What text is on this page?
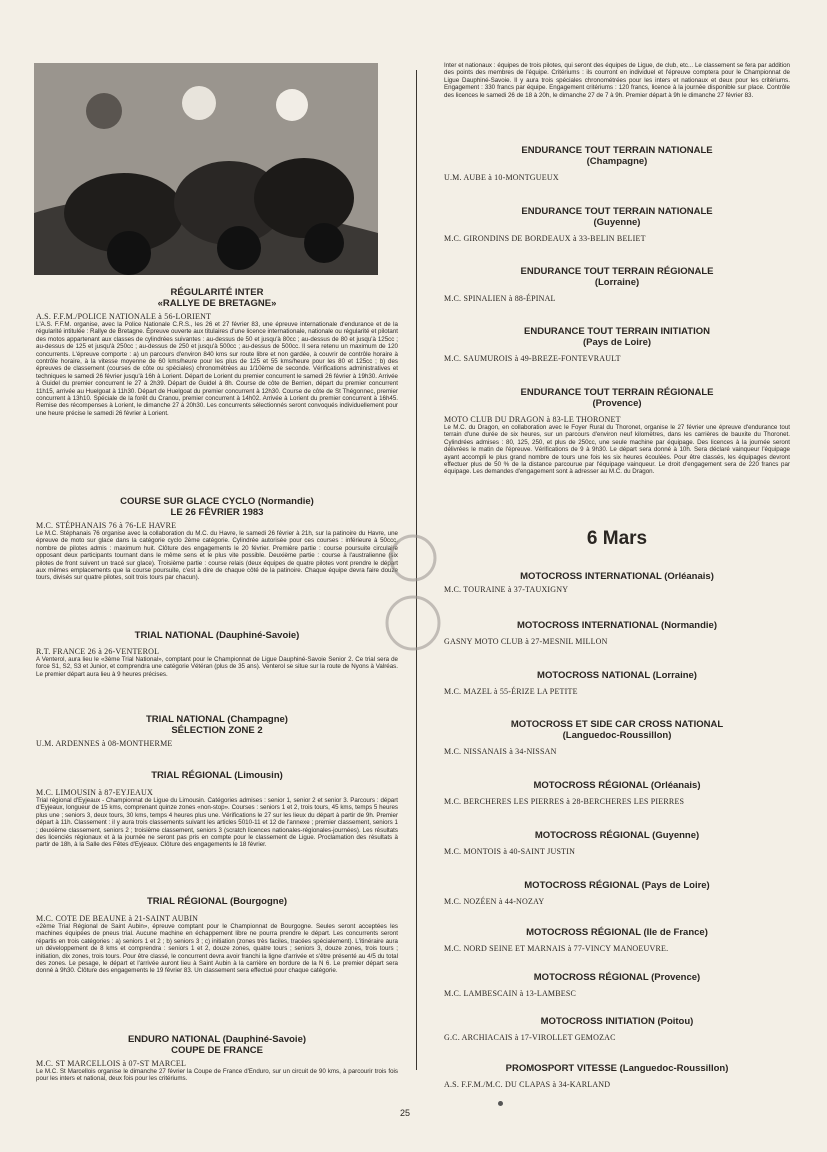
RÉGULARITÉ INTER

«RALLYE DE BRETAGNE»

A.S. F.F.M./POLICE NATIONALE à 56-LORIENT

L'A.S. F.F.M. organise, avec la Police Nationale C.R.S., les 26 et 27 février 83, une épreuve internationale d'endurance et de la régularité intitulée : Rallye de Bretagne. Épreuve ouverte aux titulaires d'une licence internationale, nationale ou régularité et pilotant des motos appartenant aux classes de cylindrées suivantes : au-dessus de 50 et jusqu'à 80cc ; au-dessus de 80 et jusqu'à 125cc ; au-dessus de 125 et jusqu'à 250cc ; au-dessus de 250 et jusqu'à 500cc ; au-dessus de 500cc. Il sera retenu un maximum de 120 concurrents. L'épreuve comporte : a) un parcours d'environ 840 kms sur route libre et non gardée, à couvrir de contrôle horaire à contrôle horaire, à la vitesse moyenne de 60 kms/heure pour les plus de 125 et 55 kms/heure pour les 80 et 125cc ; b) des épreuves de classement (courses de côte ou spéciales) chronométrées au 1/10ème de seconde. Vérifications administratives et techniques le samedi 26 février jusqu'à 16h à Lorient. Départ de Lorient du premier concurrent le samedi 26 février à 19h30. Arrivée à Guidel du premier concurrent le 27 à 2h39. Départ de Guidel à 8h. Course de côte de Berrien, départ du premier concurrent 11h15, arrivée au Huelgoat à 11h30. Départ de Huelgoat du premier concurrent à 12h30. Course de côte de St Thégonnec, premier concurrent à 13h10. Spéciale de la forêt du Cranou, premier concurrent à 14h02. Arrivée à Lorient du premier concurrent à 16h45. Remise des récompenses à Lorient, le dimanche 27 à 20h30. Les concurrents sélectionnés seront convoqués individuellement pour une heure précise le samedi 26 février à Lorient.

COURSE SUR GLACE CYCLO (Normandie)

LE 26 FÉVRIER 1983

M.C. STÉPHANAIS 76 à 76-LE HAVRE

Le M.C. Stéphanais 76 organise avec la collaboration du M.C. du Havre, le samedi 26 février à 21h, sur la patinoire du Havre, une épreuve de moto sur glace dans la catégorie cyclo 2ème catégorie. Cylindrée autorisée pour ces courses : inférieure à 50ccc. nombre de pilotes admis : maximum huit. Clôture des engagements le 20 février. Première partie : course poursuite circulaire opposant deux participants tournant dans le même sens et le plus vite possible. Deuxième partie : course à l'australienne (six pilotes de front suivent un tracé sur glace). Troisième partie : course relais (deux équipes de quatre pilotes vont prendre le départ aux mêmes emplacements que la course poursuite, c'est à dire de chaque côté de la patinoire. Chaque équipe devra faire douze tours, divisés sur quatre pilotes, soit trois tours par chacun).

TRIAL NATIONAL (Dauphiné-Savoie)

R.T. FRANCE 26 à 26-VENTEROL

A Venterol, aura lieu le «3ème Trial National», comptant pour le Championnat de Ligue Dauphiné-Savoie Senior 2. Ce trial sera de force S1, S2, S3 et Junior, et comprendra une catégorie Vétéran (plus de 35 ans). Venterol se situe sur la route de Nyons à Valréas. Le premier départ aura lieu à 9 heures précises.

TRIAL NATIONAL (Champagne)

SÉLECTION ZONE 2

U.M. ARDENNES à 08-MONTHERME

TRIAL RÉGIONAL (Limousin)

M.C. LIMOUSIN à 87-EYJEAUX

Trial régional d'Eyjeaux - Championnat de Ligue du Limousin. Catégories admises : senior 1, senior 2 et senior 3. Parcours : départ d'Eyjeaux, longueur de 15 kms, comprenant quinze zones «non-stop». Courses : seniors 1 et 2, trois tours, 45 kms, temps 5 heures plus une ; seniors 3, deux tours, 30 kms, temps 4 heures plus une. Vérifications le 27 sur les lieux du départ à partir de 9h. Premier départ à 11h. Classement : il y aura trois classements suivant les articles 5010-11 et 12 de l'annexe ; premier classement, seniors 1 ; deuxième classement, seniors 2 ; troisième classement, seniors 3 (scratch licences nationales-régionales-journées). Les résultats des licenciés régionaux et à la journée ne seront pas pris en compte pour le classement de Ligue. Proclamation des résultats à partir de 18h, à la Salle des Fêtes d'Eyjeaux. Clôture des engagements le 18 février.

TRIAL RÉGIONAL (Bourgogne)

M.C. COTE DE BEAUNE à 21-SAINT AUBIN

«2ème Trial Régional de Saint Aubin», épreuve comptant pour le Championnat de Bourgogne. Seules seront acceptées les machines équipées de pneus trial. Aucune machine en échappement libre ne pourra prendre le départ. Les concurrents seront répartis en trois catégories : a) seniors 1 et 2 ; b) seniors 3 ; c) initiation (zones très faciles, tracées spécialement). L'itinéraire aura un développement de 8 kms et comprendra : seniors 1 et 2, douze zones, quatre tours ; seniors 3, douze zones, trois tours ; initiation, dix zones, trois tours. Pour être classé, le concurrent devra avoir franchi la ligne d'arrivée et s'être présenté au 4/5 du total des zones. Le pesage, le départ et l'arrivée auront lieu à Saint Aubin à la carrière en bordure de la N 6. Le premier départ sera donné à 9h30. Clôture des engagements le 19 février 83. Un classement sera effectué pour chaque catégorie.

ENDURO NATIONAL (Dauphiné-Savoie)

COUPE DE FRANCE

M.C. ST MARCELLOIS à 07-ST MARCEL

Le M.C. St Marcellois organise le dimanche 27 février la Coupe de France d'Enduro, sur un circuit de 90 kms, à parcourir trois fois pour les inters et national, deux fois pour les critériums.

Inter et nationaux : équipes de trois pilotes, qui seront des équipes de Ligue, de club, etc... Le classement se fera par addition des points des membres de l'équipe. Critériums : ils courront en individuel et l'épreuve comptera pour le Championnat de Ligue Dauphiné-Savoie. Il y aura trois spéciales chronométrées pour les inters et nationaux et deux pour les critériums. Engagement : 330 francs par équipe. Engagement critériums : 120 francs, licence à la journée disponible sur place. Contrôle des licences le samedi 26 de 18 à 20h, le dimanche 27 de 7 à 9h. Premier départ à 9h le dimanche 27 février 83.

ENDURANCE TOUT TERRAIN NATIONALE

(Champagne)

U.M. AUBE à 10-MONTGUEUX

ENDURANCE TOUT TERRAIN NATIONALE

(Guyenne)

M.C. GIRONDINS DE BORDEAUX à 33-BELIN BELIET

ENDURANCE TOUT TERRAIN RÉGIONALE

(Lorraine)

M.C. SPINALIEN à 88-ÉPINAL

ENDURANCE TOUT TERRAIN INITIATION

(Pays de Loire)

M.C. SAUMUROIS à 49-BREZE-FONTEVRAULT

ENDURANCE TOUT TERRAIN RÉGIONALE

(Provence)

MOTO CLUB DU DRAGON à 83-LE THORONET

Le M.C. du Dragon, en collaboration avec le Foyer Rural du Thoronet, organise le 27 février une épreuve d'endurance tout terrain d'une durée de six heures, sur un parcours d'environ neuf kilomètres, dans les carrières de bauxite du Thoronet. Cylindrées admises : 80, 125, 250, et plus de 250cc, une seule machine par équipage. Des licences à la journée seront délivrées le matin de l'épreuve. Vérifications de 9 à 9h30. Le départ sera donné à 10h. Sera déclaré vainqueur l'équipage ayant accompli le plus grand nombre de tours une fois les six heures écoulées. Pour être classés, les équipages devront effectuer plus de 50 % de la distance parcourue par l'équipage vainqueur. Le droit d'engagement sera de 220 francs par équipage. Les demandes d'engagement sont à adresser au M.C. du Dragon.

6 Mars

MOTOCROSS INTERNATIONAL (Orléanais)

M.C. TOURAINE à 37-TAUXIGNY

MOTOCROSS INTERNATIONAL (Normandie)

GASNY MOTO CLUB à 27-MESNIL MILLON

MOTOCROSS NATIONAL (Lorraine)

M.C. MAZEL à 55-ÉRIZE LA PETITE

MOTOCROSS ET SIDE CAR CROSS NATIONAL

(Languedoc-Roussillon)

M.C. NISSANAIS à 34-NISSAN

MOTOCROSS RÉGIONAL (Orléanais)

M.C. BERCHERES LES PIERRES à 28-BERCHERES LES PIERRES

MOTOCROSS RÉGIONAL (Guyenne)

M.C. MONTOIS à 40-SAINT JUSTIN

MOTOCROSS RÉGIONAL (Pays de Loire)

M.C. NOZÉEN à 44-NOZAY

MOTOCROSS RÉGIONAL (Ile de France)

M.C. NORD SEINE ET MARNAIS à 77-VINCY MANOEUVRE.

MOTOCROSS RÉGIONAL (Provence)

M.C. LAMBESCAIN à 13-LAMBESC

MOTOCROSS INITIATION (Poitou)

G.C. ARCHIACAIS à 17-VIROLLET GEMOZAC

PROMOSPORT VITESSE (Languedoc-Roussillon)

A.S. F.F.M./M.C. DU CLAPAS à 34-KARLAND

25
